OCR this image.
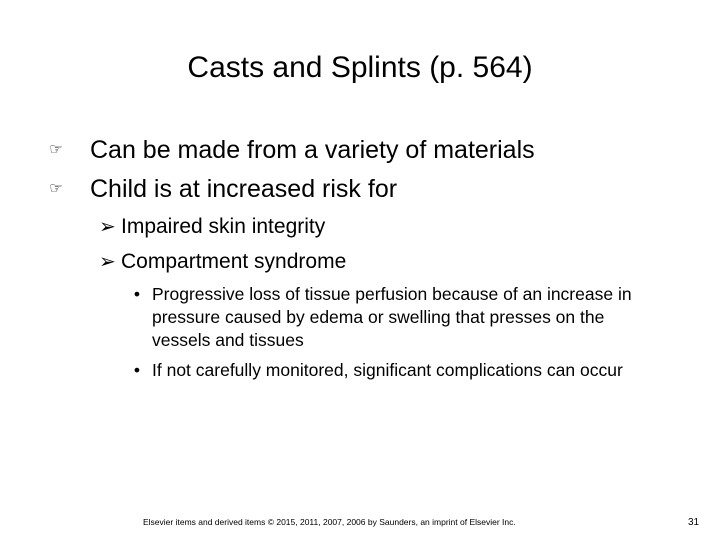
Casts and Splints (p. 564)
☞ Can be made from a variety of materials
☞ Child is at increased risk for
➢ Impaired skin integrity
➢ Compartment syndrome
• Progressive loss of tissue perfusion because of an increase in pressure caused by edema or swelling that presses on the vessels and tissues
• If not carefully monitored, significant complications can occur
Elsevier items and derived items © 2015, 2011, 2007, 2006 by Saunders, an imprint of Elsevier Inc.	31
